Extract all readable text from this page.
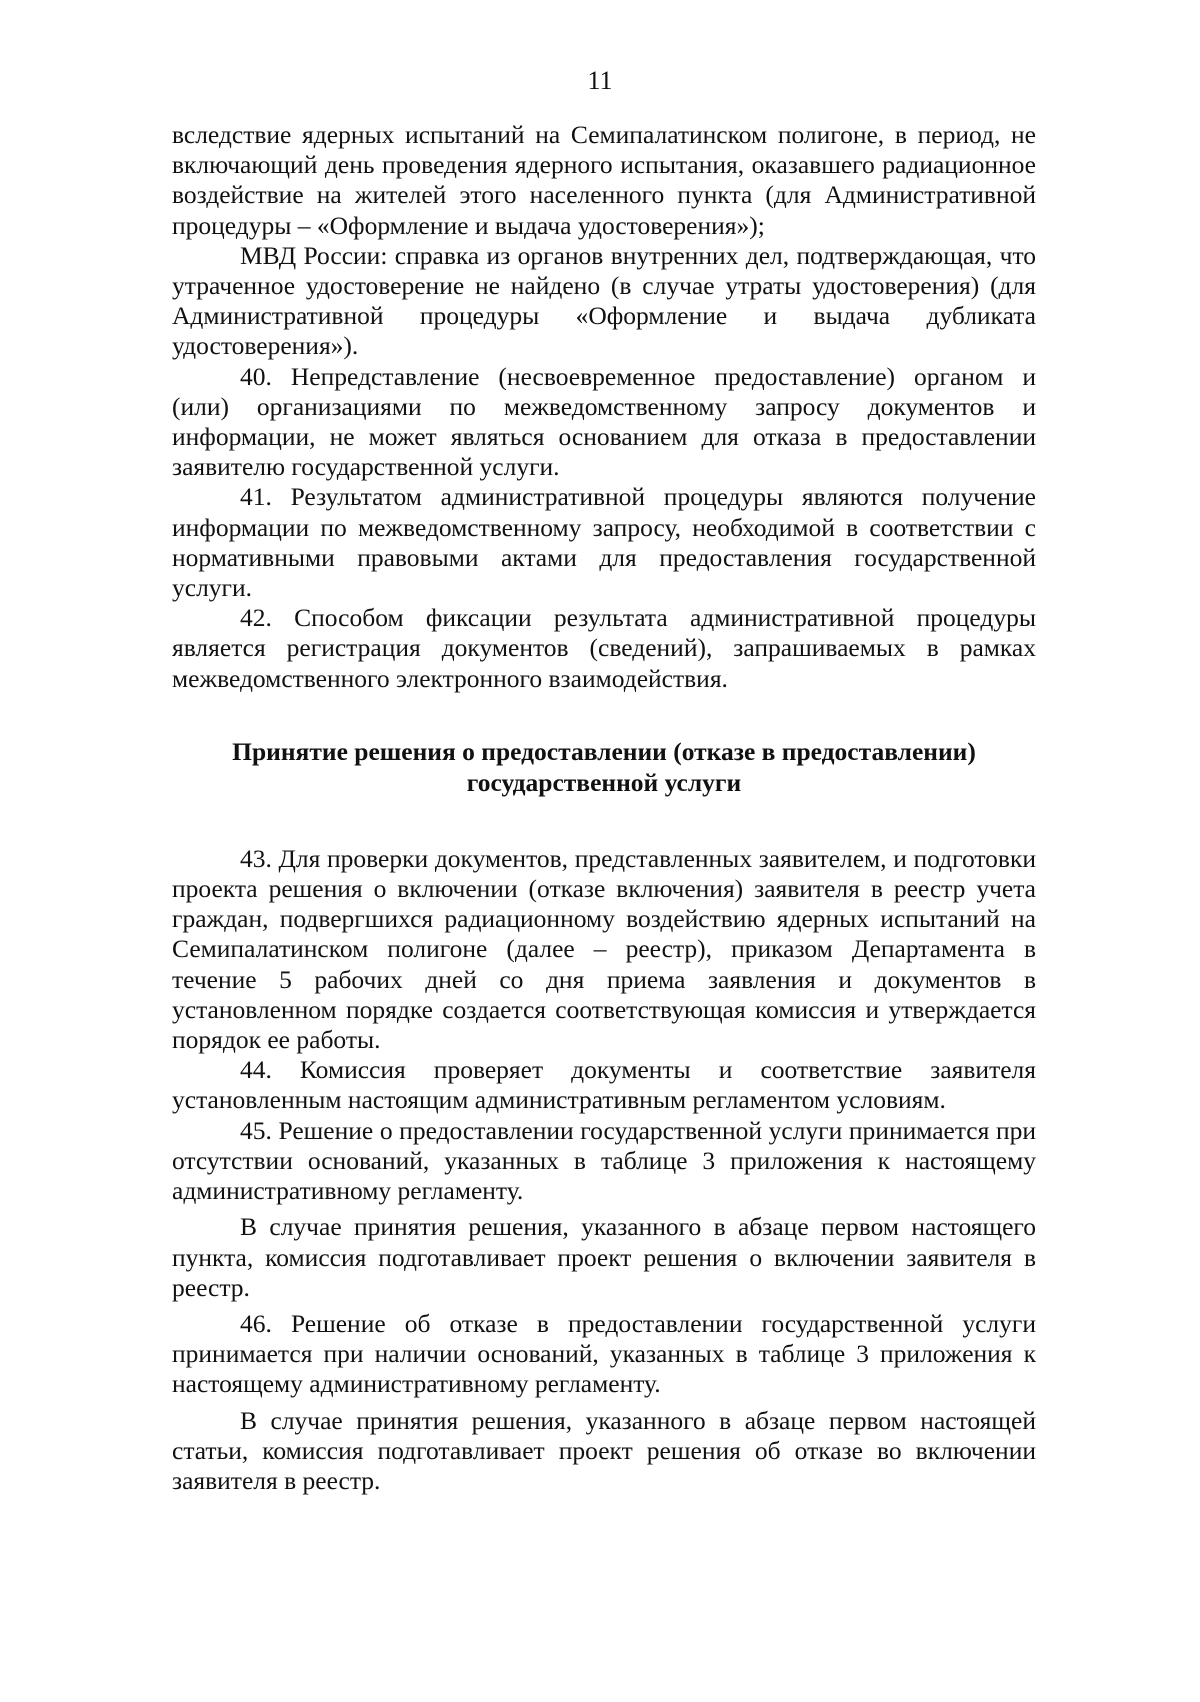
11

вследствие ядерных испытаний на Семипалатинском полигоне, в период, не включающий день проведения ядерного испытания, оказавшего радиационное воздействие на жителей этого населенного пункта (для Административной процедуры – «Оформление и выдача удостоверения»);

МВД России: справка из органов внутренних дел, подтверждающая, что утраченное удостоверение не найдено (в случае утраты удостоверения) (для Административной процедуры «Оформление и выдача дубликата удостоверения»).

40. Непредставление (несвоевременное предоставление) органом и (или) организациями по межведомственному запросу документов и информации, не может являться основанием для отказа в предоставлении заявителю государственной услуги.

41. Результатом административной процедуры являются получение информации по межведомственному запросу, необходимой в соответствии с нормативными правовыми актами для предоставления государственной услуги.

42. Способом фиксации результата административной процедуры является регистрация документов (сведений), запрашиваемых в рамках межведомственного электронного взаимодействия.

Принятие решения о предоставлении (отказе в предоставлении)
государственной услуги

43. Для проверки документов, представленных заявителем, и подготовки проекта решения о включении (отказе включения) заявителя в реестр учета граждан, подвергшихся радиационному воздействию ядерных испытаний на Семипалатинском полигоне (далее – реестр), приказом Департамента в течение 5 рабочих дней со дня приема заявления и документов в установленном порядке создается соответствующая комиссия и утверждается порядок ее работы.

44. Комиссия проверяет документы и соответствие заявителя установленным настоящим административным регламентом условиям.

45. Решение о предоставлении государственной услуги принимается при отсутствии оснований, указанных в таблице 3 приложения к настоящему административному регламенту.

В случае принятия решения, указанного в абзаце первом настоящего пункта, комиссия подготавливает проект решения о включении заявителя в реестр.

46. Решение об отказе в предоставлении государственной услуги принимается при наличии оснований, указанных в таблице 3 приложения к настоящему административному регламенту.

В случае принятия решения, указанного в абзаце первом настоящей статьи, комиссия подготавливает проект решения об отказе во включении заявителя в реестр.
